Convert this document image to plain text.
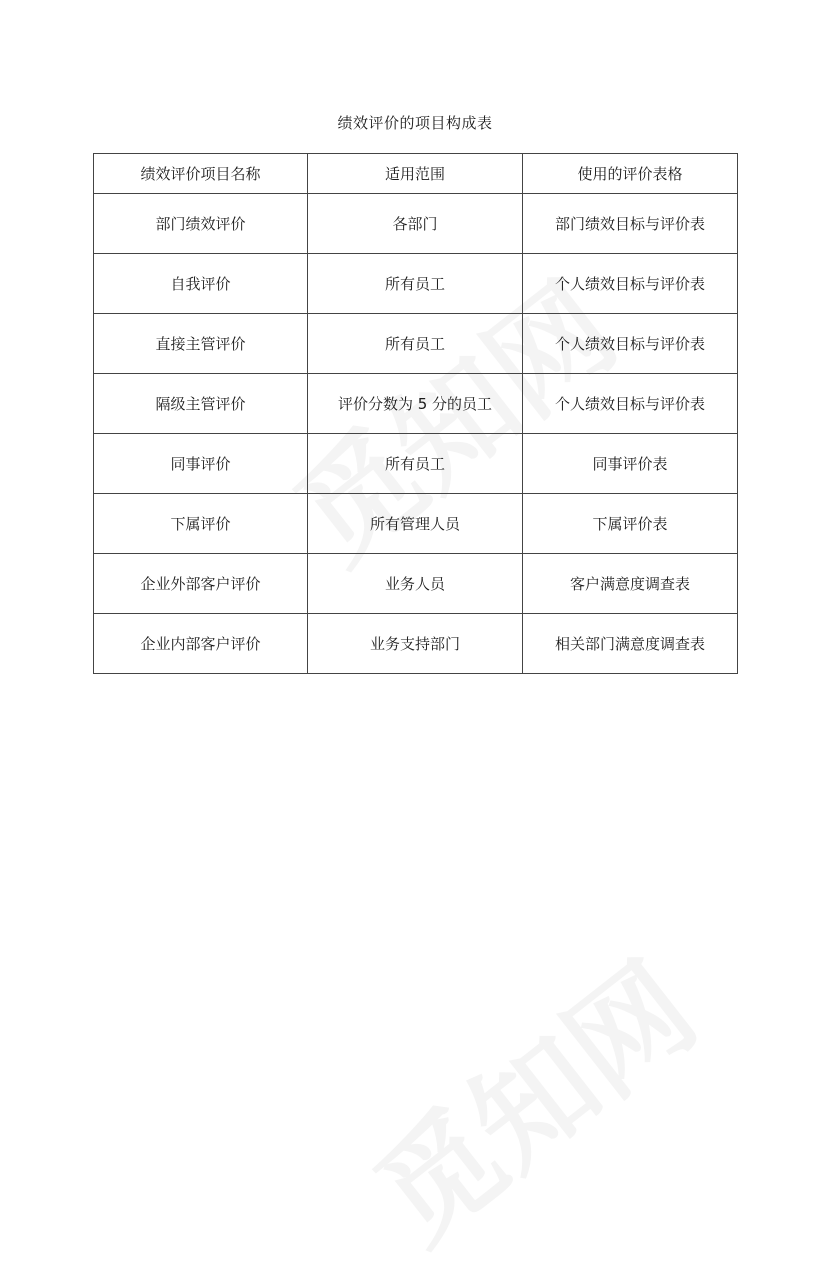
绩效评价的项目构成表
绩效评价项目名称	适用范围	使用的评价表格
部门绩效评价	各部门	部门绩效目标与评价表
自我评价	所有员工	个人绩效目标与评价表
直接主管评价	所有员工	个人绩效目标与评价表
隔级主管评价	评价分数为 5 分的员工	个人绩效目标与评价表
同事评价	所有员工	同事评价表
下属评价	所有管理人员	下属评价表
企业外部客户评价	业务人员	客户满意度调查表
企业内部客户评价	业务支持部门	相关部门满意度调查表
